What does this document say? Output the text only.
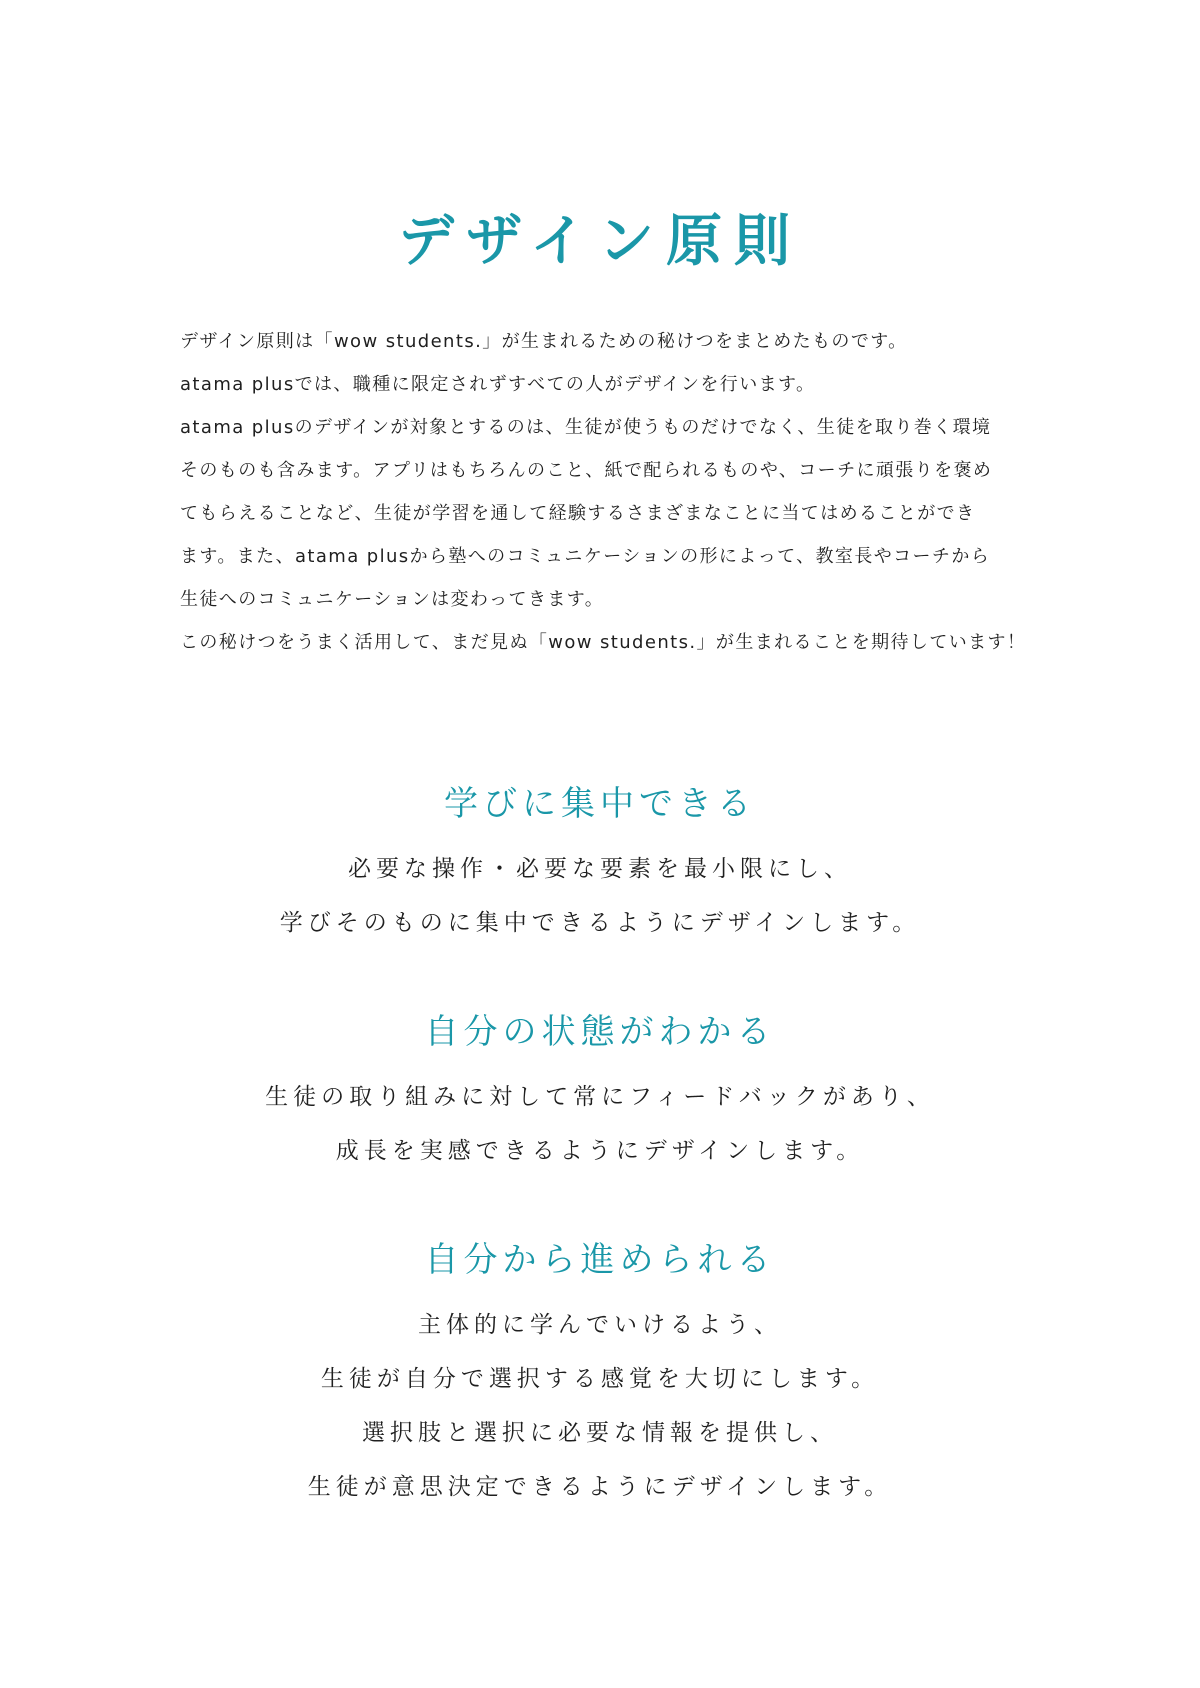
デザイン原則
デザイン原則は「wow students.」が生まれるための秘けつをまとめたものです。
atama plusでは、職種に限定されずすべての人がデザインを行います。
atama plusのデザインが対象とするのは、生徒が使うものだけでなく、生徒を取り巻く環境
そのものも含みます。アプリはもちろんのこと、紙で配られるものや、コーチに頑張りを褒め
てもらえることなど、生徒が学習を通して経験するさまざまなことに当てはめることができ
ます。また、atama plusから塾へのコミュニケーションの形によって、教室長やコーチから
生徒へのコミュニケーションは変わってきます。
この秘けつをうまく活用して、まだ見ぬ「wow students.」が生まれることを期待しています！
学びに集中できる
必要な操作・必要な要素を最小限にし、
学びそのものに集中できるようにデザインします。
自分の状態がわかる
生徒の取り組みに対して常にフィードバックがあり、
成長を実感できるようにデザインします。
自分から進められる
主体的に学んでいけるよう、
生徒が自分で選択する感覚を大切にします。
選択肢と選択に必要な情報を提供し、
生徒が意思決定できるようにデザインします。
